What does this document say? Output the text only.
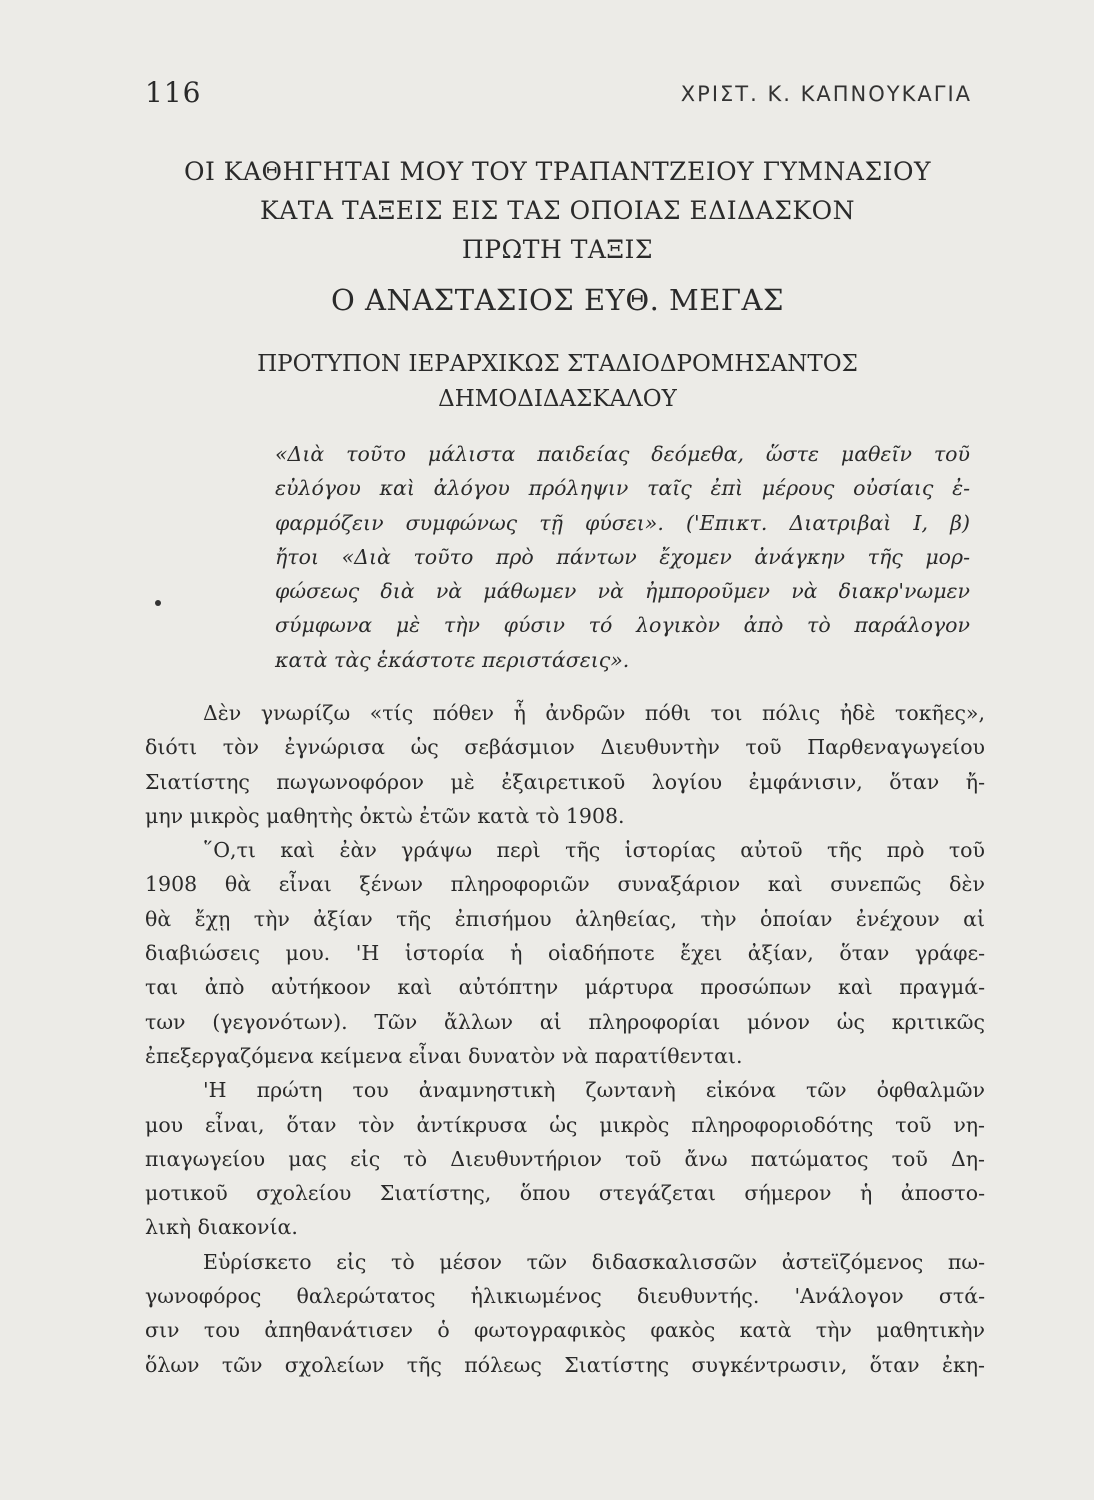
116	ΧΡΙΣΤ. Κ. ΚΑΠΝΟΥΚΑΓΙΑ
ΟΙ ΚΑΘΗΓΗΤΑΙ ΜΟΥ ΤΟΥ ΤΡΑΠΑΝΤΖΕΙΟΥ ΓΥΜΝΑΣΙΟΥ
ΚΑΤΑ ΤΑΞΕΙΣ ΕΙΣ ΤΑΣ ΟΠΟΙΑΣ ΕΔΙΔΑΣΚΟΝ
ΠΡΩΤΗ ΤΑΞΙΣ
Ο ΑΝΑΣΤΑΣΙΟΣ ΕΥΘ. ΜΕΓΑΣ
ΠΡΟΤΥΠΟΝ ΙΕΡΑΡΧΙΚΩΣ ΣΤΑΔΙΟΔΡΟΜΗΣΑΝΤΟΣ
ΔΗΜΟΔΙΔΑΣΚΑΛΟΥ
«Διὰ τοῦτο μάλιστα παιδείας δεόμεθα, ὥστε μαθεῖν τοῦ
εὐλόγου καὶ ἀλόγου πρόληψιν ταῖς ἐπὶ μέρους οὐσίαις ἐ-
φαρμόζειν συμφώνως τῇ φύσει». ('Επικτ. Διατριβαὶ Ι, β)
ἤτοι «Διὰ τοῦτο πρὸ πάντων ἔχομεν ἀνάγκην τῆς μορ-
φώσεως διὰ νὰ μάθωμεν νὰ ἠμποροῦμεν νὰ διακρ'νωμεν
σύμφωνα μὲ τὴν φύσιν τό λογικὸν ἀπὸ τὸ παράλογον
κατὰ τὰς ἑκάστοτε περιστάσεις».
Δὲν γνωρίζω «τίς πόθεν ἧ ἀνδρῶν πόθι τοι πόλις ἠδὲ τοκῆες»,
διότι τὸν ἐγνώρισα ὡς σεβάσμιον Διευθυντὴν τοῦ Παρθεναγωγείου
Σιατίστης πωγωνοφόρον μὲ ἐξαιρετικοῦ λογίου ἐμφάνισιν, ὅταν ἤ-
μην μικρὸς μαθητὴς ὀκτὼ ἐτῶν κατὰ τὸ 1908.
῞Ο,τι καὶ ἐὰν γράψω περὶ τῆς ἱστορίας αὐτοῦ τῆς πρὸ τοῦ
1908 θὰ εἶναι ξένων πληροφοριῶν συναξάριον καὶ συνεπῶς δὲν
θὰ ἔχῃ τὴν ἀξίαν τῆς ἐπισήμου ἀληθείας, τὴν ὁποίαν ἐνέχουν αἱ
διαβιώσεις μου. 'Η ἱστορία ἡ οἱαδήποτε ἔχει ἀξίαν, ὅταν γράφε-
ται ἀπὸ αὐτήκοον καὶ αὐτόπτην μάρτυρα προσώπων καὶ πραγμά-
των (γεγονότων). Τῶν ἄλλων αἱ πληροφορίαι μόνον ὡς κριτικῶς
ἐπεξεργαζόμενα κείμενα εἶναι δυνατὸν νὰ παρατίθενται.
'Η πρώτη του ἀναμνηστικὴ ζωντανὴ εἰκόνα τῶν ὀφθαλμῶν
μου εἶναι, ὅταν τὸν ἀντίκρυσα ὡς μικρὸς πληροφοριοδότης τοῦ νη-
πιαγωγείου μας εἰς τὸ Διευθυντήριον τοῦ ἄνω πατώματος τοῦ Δη-
μοτικοῦ σχολείου Σιατίστης, ὅπου στεγάζεται σήμερον ἡ ἀποστο-
λικὴ διακονία.
Εὑρίσκετο εἰς τὸ μέσον τῶν διδασκαλισσῶν ἀστεϊζόμενος πω-
γωνοφόρος θαλερώτατος ἡλικιωμένος διευθυντής. 'Ανάλογον στά-
σιν του ἀπηθανάτισεν ὁ φωτογραφικὸς φακὸς κατὰ τὴν μαθητικὴν
ὅλων τῶν σχολείων τῆς πόλεως Σιατίστης συγκέντρωσιν, ὅταν ἐκη-
